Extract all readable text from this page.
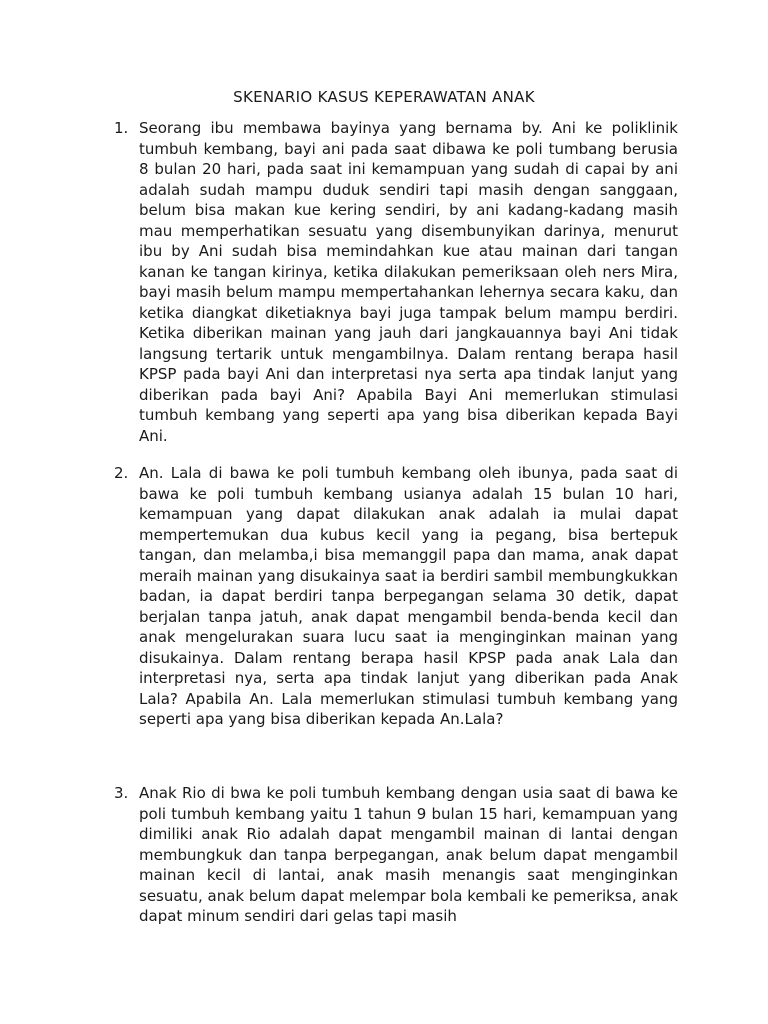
SKENARIO KASUS KEPERAWATAN ANAK
1. Seorang ibu membawa bayinya yang bernama by. Ani ke poliklinik tumbuh kembang, bayi ani pada saat dibawa ke poli tumbang berusia 8 bulan 20 hari, pada saat ini kemampuan yang sudah di capai by ani adalah sudah mampu duduk sendiri tapi masih dengan sanggaan, belum bisa makan kue kering sendiri, by ani kadang-kadang masih mau memperhatikan sesuatu yang disembunyikan darinya, menurut ibu by Ani sudah bisa memindahkan kue atau mainan dari tangan kanan ke tangan kirinya, ketika dilakukan pemeriksaan oleh ners Mira, bayi masih belum mampu mempertahankan lehernya secara kaku, dan ketika diangkat diketiaknya bayi juga tampak belum mampu berdiri. Ketika diberikan mainan yang jauh dari jangkauannya bayi Ani tidak langsung tertarik untuk mengambilnya. Dalam rentang berapa hasil KPSP pada bayi Ani dan interpretasi nya serta apa tindak lanjut yang diberikan pada bayi Ani? Apabila Bayi Ani memerlukan stimulasi tumbuh kembang yang seperti apa yang bisa diberikan kepada Bayi Ani.
2. An. Lala di bawa ke poli tumbuh kembang oleh ibunya, pada saat di bawa ke poli tumbuh kembang usianya adalah 15 bulan 10 hari, kemampuan yang dapat dilakukan anak adalah ia mulai dapat mempertemukan dua kubus kecil yang ia pegang, bisa bertepuk tangan, dan melamba,i bisa memanggil papa dan mama, anak dapat meraih mainan yang disukainya saat ia berdiri sambil membungkukkan badan, ia dapat berdiri tanpa berpegangan selama 30 detik, dapat berjalan tanpa jatuh, anak dapat mengambil benda-benda kecil dan anak mengelurakan suara lucu saat ia menginginkan mainan yang disukainya. Dalam rentang berapa hasil KPSP pada anak Lala dan interpretasi nya, serta apa tindak lanjut yang diberikan pada Anak Lala? Apabila An. Lala memerlukan stimulasi tumbuh kembang yang seperti apa yang bisa diberikan kepada An.Lala?
3. Anak Rio di bwa ke poli tumbuh kembang dengan usia saat di bawa ke poli tumbuh kembang yaitu 1 tahun 9 bulan 15 hari, kemampuan yang dimiliki anak Rio adalah dapat mengambil mainan di lantai dengan membungkuk dan tanpa berpegangan, anak belum dapat mengambil mainan kecil di lantai, anak masih menangis saat menginginkan sesuatu, anak belum dapat melempar bola kembali ke pemeriksa, anak dapat minum sendiri dari gelas tapi masih
